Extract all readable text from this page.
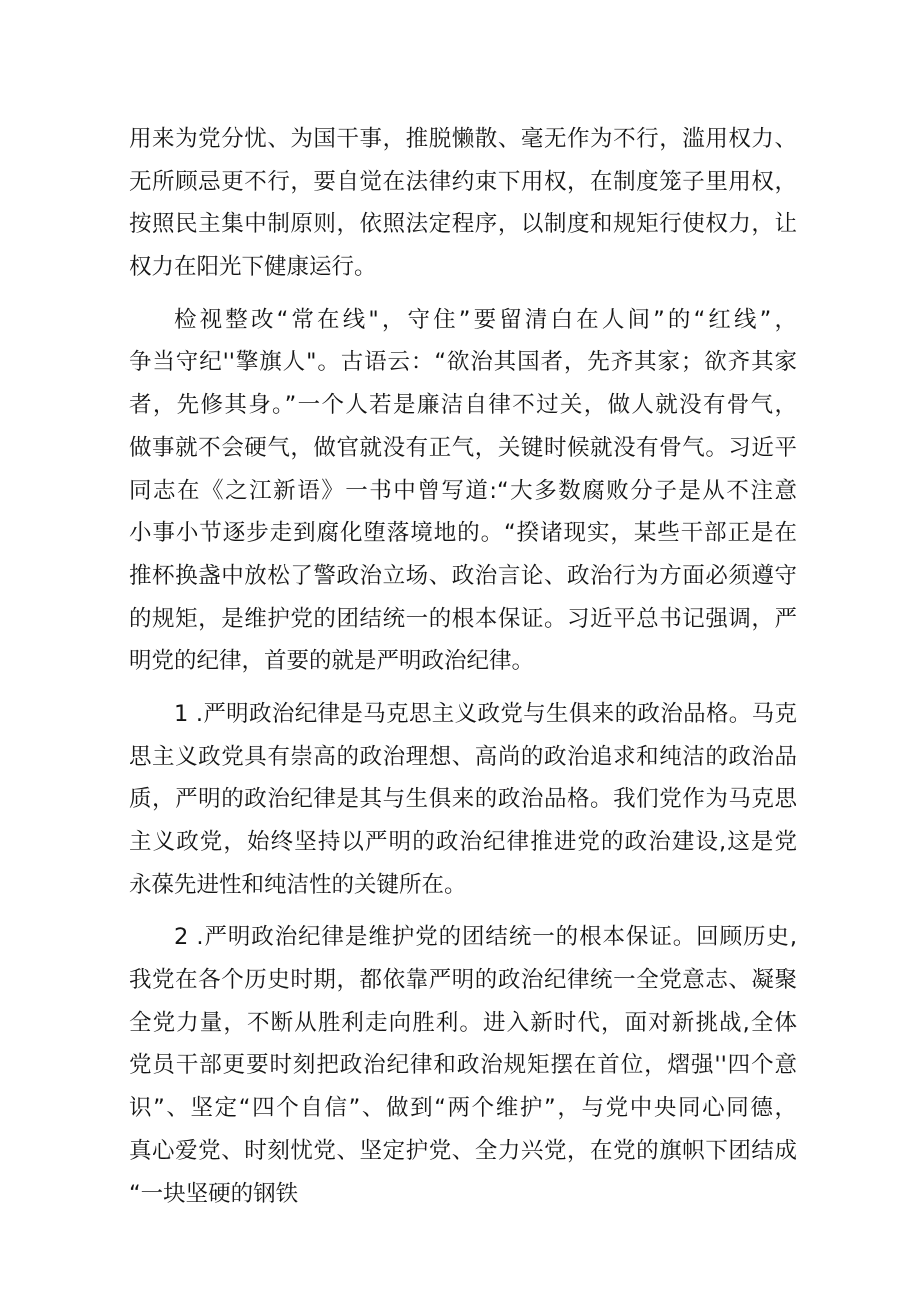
用来为党分忧、为国干事，推脱懒散、毫无作为不行，滥用权力、
无所顾忌更不行，要自觉在法律约束下用权，在制度笼子里用权，
按照民主集中制原则，依照法定程序，以制度和规矩行使权力，让
权力在阳光下健康运行。
检视整改“常在线"，守住”要留清白在人间”的“红线”，
争当守纪''擎旗人"。古语云：“欲治其国者，先齐其家；欲齐其家
者，先修其身。”一个人若是廉洁自律不过关，做人就没有骨气，
做事就不会硬气，做官就没有正气，关键时候就没有骨气。习近平
同志在《之江新语》一书中曾写道:“大多数腐败分子是从不注意
小事小节逐步走到腐化堕落境地的。“揆诸现实，某些干部正是在
推杯换盏中放松了警政治立场、政治言论、政治行为方面必须遵守
的规矩，是维护党的团结统一的根本保证。习近平总书记强调，严
明党的纪律，首要的就是严明政治纪律。
1 .严明政治纪律是马克思主义政党与生俱来的政治品格。马克
思主义政党具有崇高的政治理想、高尚的政治追求和纯洁的政治品
质，严明的政治纪律是其与生俱来的政治品格。我们党作为马克思
主义政党，始终坚持以严明的政治纪律推进党的政治建设,这是党
永葆先进性和纯洁性的关键所在。
2 .严明政治纪律是维护党的团结统一的根本保证。回顾历史,
我党在各个历史时期，都依靠严明的政治纪律统一全党意志、凝聚
全党力量，不断从胜利走向胜利。进入新时代，面对新挑战,全体
党员干部更要时刻把政治纪律和政治规矩摆在首位，熠强''四个意
识”、坚定“四个自信”、做到“两个维护”，与党中央同心同德，
真心爱党、时刻忧党、坚定护党、全力兴党，在党的旗帜下团结成
“一块坚硬的钢铁
